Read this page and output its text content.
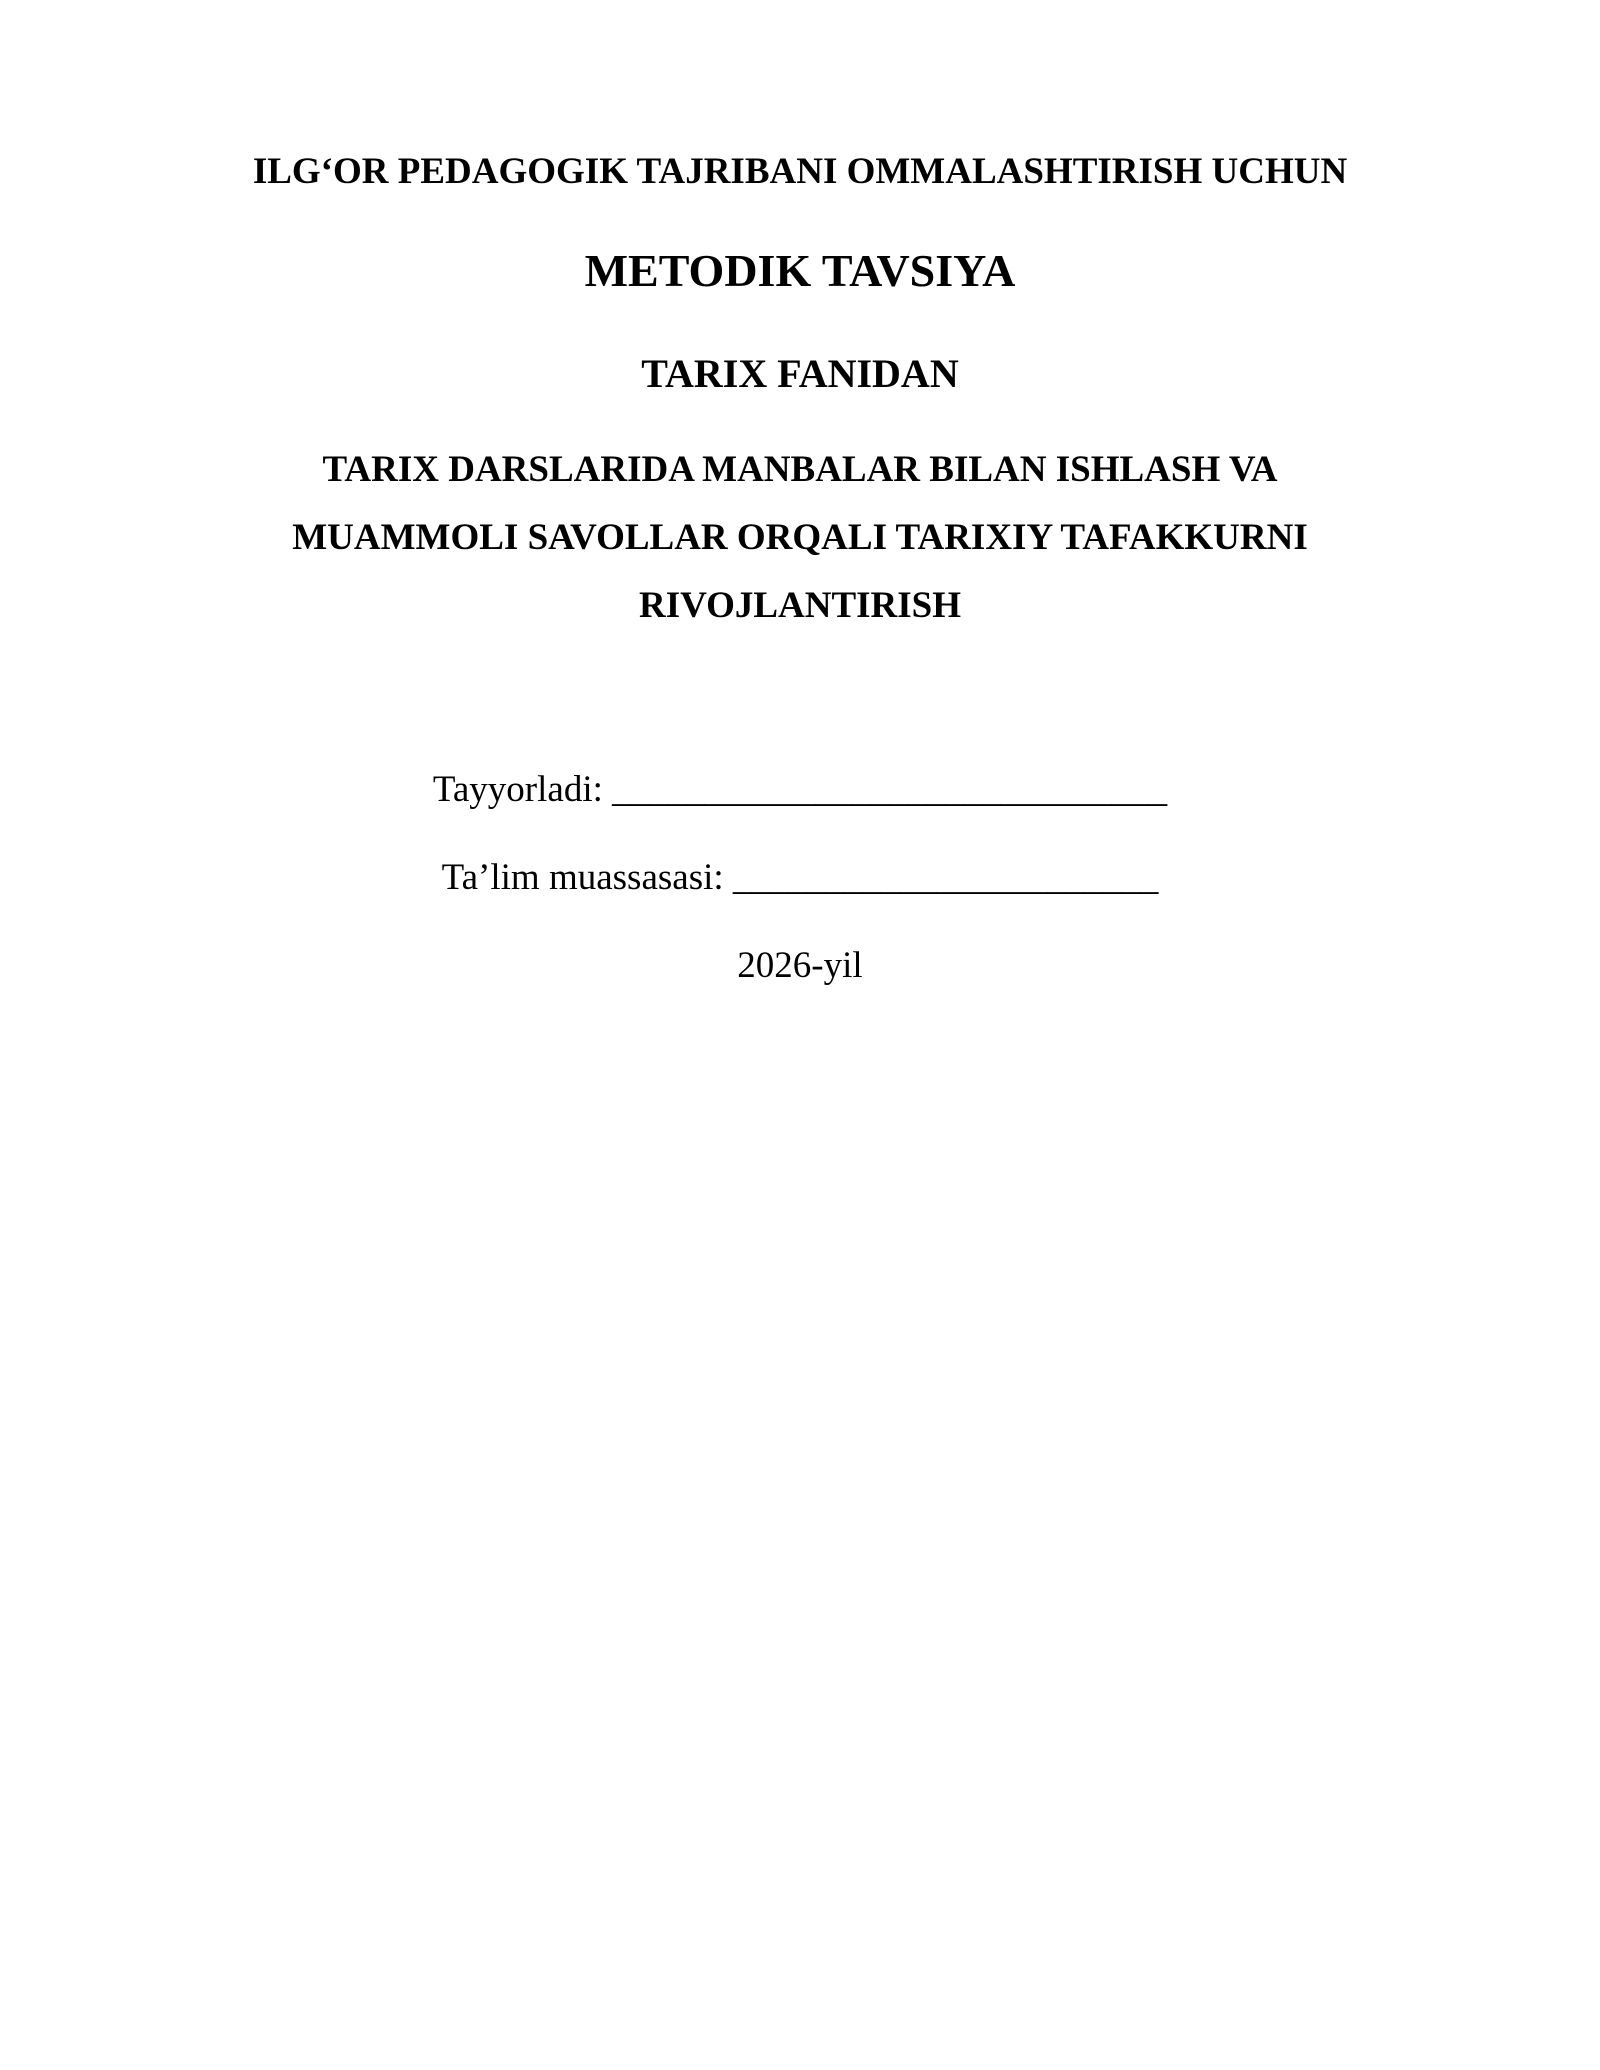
ILG‘OR PEDAGOGIK TAJRIBANI OMMALASHTIRISH UCHUN
METODIK TAVSIYA
TARIX FANIDAN
TARIX DARSLARIDA MANBALAR BILAN ISHLASH VA
MUAMMOLI SAVOLLAR ORQALI TARIXIY TAFAKKURNI
RIVOJLANTIRISH
Tayyorladi: ______________________________
Ta’lim muassasasi: _______________________
2026-yil
